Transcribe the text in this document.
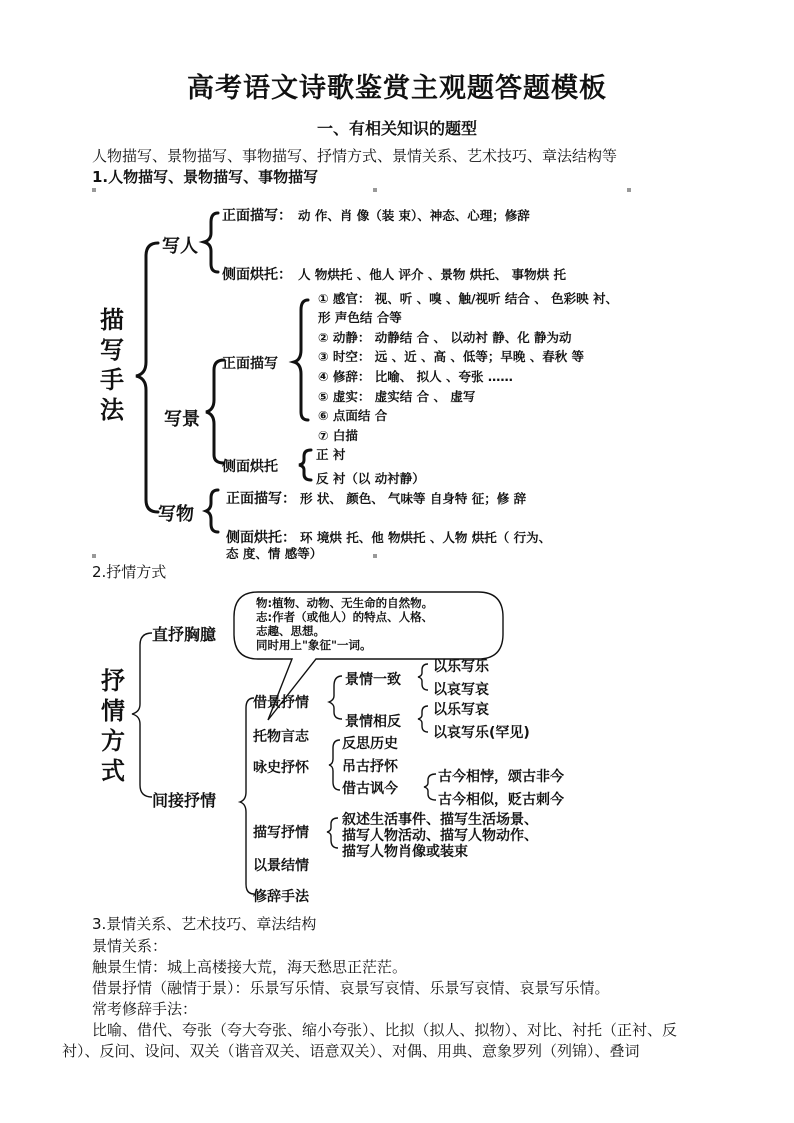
高考语文诗歌鉴赏主观题答题模板
一、有相关知识的题型
人物描写、景物描写、事物描写、抒情方式、景情关系、艺术技巧、章法结构等
1.人物描写、景物描写、事物描写
描写手法
写人
正面描写： 动 作、肖 像（装 束）、神态、心理；修辞
侧面烘托： 人 物烘托 、他人 评介 、景物 烘托、 事物烘 托
写景
正面描写
① 感官： 视、听 、嗅 、触/视听 结合 、 色彩映 衬、
形 声色结 合等
② 动静： 动静结 合 、 以动衬 静、化 静为动
③ 时空： 远 、近 、高 、低等；早晚 、春秋 等
④ 修辞： 比喻、 拟人 、夸张 ……
⑤ 虚实： 虚实结 合 、 虚写
⑥ 点面结 合
⑦ 白描
侧面烘托
正 衬
反 衬（以 动衬静）
写物
正面描写： 形 状、 颜色、 气味等 自身特 征；修 辞
侧面烘托： 环 境烘 托、他 物烘托 、人物 烘托（ 行为、
态 度、情 感等）
2.抒情方式
抒情方式
直抒胸臆
间接抒情
物:植物、动物、无生命的自然物。
志:作者（或他人）的特点、人格、
志趣、思想。
同时用上"象征"一词。
借景抒情
景情一致
以乐写乐
以哀写哀
景情相反
以乐写哀
以哀写乐(罕见)
托物言志
咏史抒怀
反思历史
吊古抒怀
借古讽今
古今相悖，颂古非今
古今相似，贬古刺今
描写抒情
叙述生活事件、描写生活场景、
描写人物活动、描写人物动作、
描写人物肖像或装束
以景结情
修辞手法
3.景情关系、艺术技巧、章法结构
景情关系：
触景生情：城上高楼接大荒，海天愁思正茫茫。
借景抒情（融情于景）：乐景写乐情、哀景写哀情、乐景写哀情、哀景写乐情。
常考修辞手法：
比喻、借代、夸张（夸大夸张、缩小夸张）、比拟（拟人、拟物）、对比、衬托（正衬、反
衬）、反问、设问、双关（谐音双关、语意双关）、对偶、用典、意象罗列（列锦）、叠词
